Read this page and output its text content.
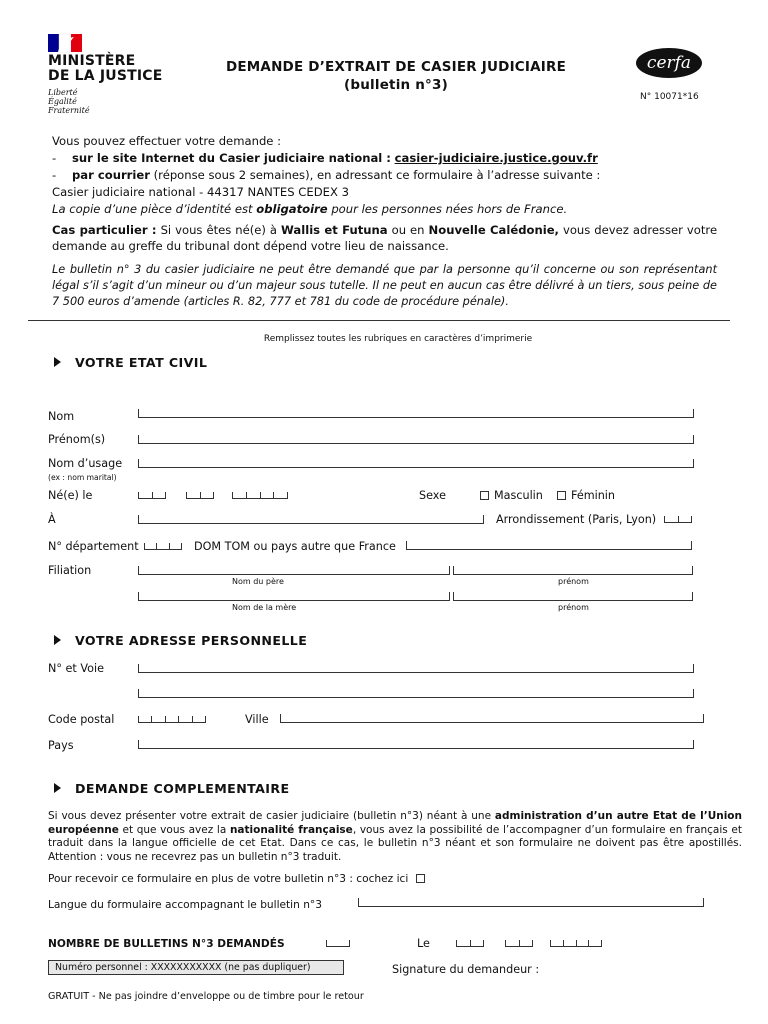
MINISTÈRE
DE LA JUSTICE
Liberté
Égalité
Fraternité
DEMANDE D’EXTRAIT DE CASIER JUDICIAIRE
(bulletin n°3)
cerfa
N° 10071*16
Vous pouvez effectuer votre demande :
- sur le site Internet du Casier judiciaire national : casier-judiciaire.justice.gouv.fr
- par courrier (réponse sous 2 semaines), en adressant ce formulaire à l’adresse suivante :
Casier judiciaire national - 44317 NANTES CEDEX 3
La copie d’une pièce d’identité est obligatoire pour les personnes nées hors de France.
Cas particulier : Si vous êtes né(e) à Wallis et Futuna ou en Nouvelle Calédonie, vous devez adresser votre demande au greffe du tribunal dont dépend votre lieu de naissance.
Le bulletin n° 3 du casier judiciaire ne peut être demandé que par la personne qu’il concerne ou son représentant légal s’il s’agit d’un mineur ou d’un majeur sous tutelle. Il ne peut en aucun cas être délivré à un tiers, sous peine de 7 500 euros d’amende (articles R. 82, 777 et 781 du code de procédure pénale).
Remplissez toutes les rubriques en caractères d’imprimerie
VOTRE ETAT CIVIL
Nom
Prénom(s)
Nom d’usage
(ex : nom marital)
Né(e) le	Sexe	Masculin	Féminin
À	Arrondissement (Paris, Lyon)
N° département	DOM TOM ou pays autre que France
Filiation
Nom du père	prénom
Nom de la mère	prénom
VOTRE ADRESSE PERSONNELLE
N° et Voie
Code postal	Ville
Pays
DEMANDE COMPLEMENTAIRE
Si vous devez présenter votre extrait de casier judiciaire (bulletin n°3) néant à une administration d’un autre Etat de l’Union européenne et que vous avez la nationalité française, vous avez la possibilité de l’accompagner d’un formulaire en français et traduit dans la langue officielle de cet Etat. Dans ce cas, le bulletin n°3 néant et son formulaire ne doivent pas être apostillés. Attention : vous ne recevrez pas un bulletin n°3 traduit.
Pour recevoir ce formulaire en plus de votre bulletin n°3 : cochez ici
Langue du formulaire accompagnant le bulletin n°3
NOMBRE DE BULLETINS N°3 DEMANDÉS	Le
Numéro personnel : XXXXXXXXXXX (ne pas dupliquer)	Signature du demandeur :
GRATUIT - Ne pas joindre d’enveloppe ou de timbre pour le retour
